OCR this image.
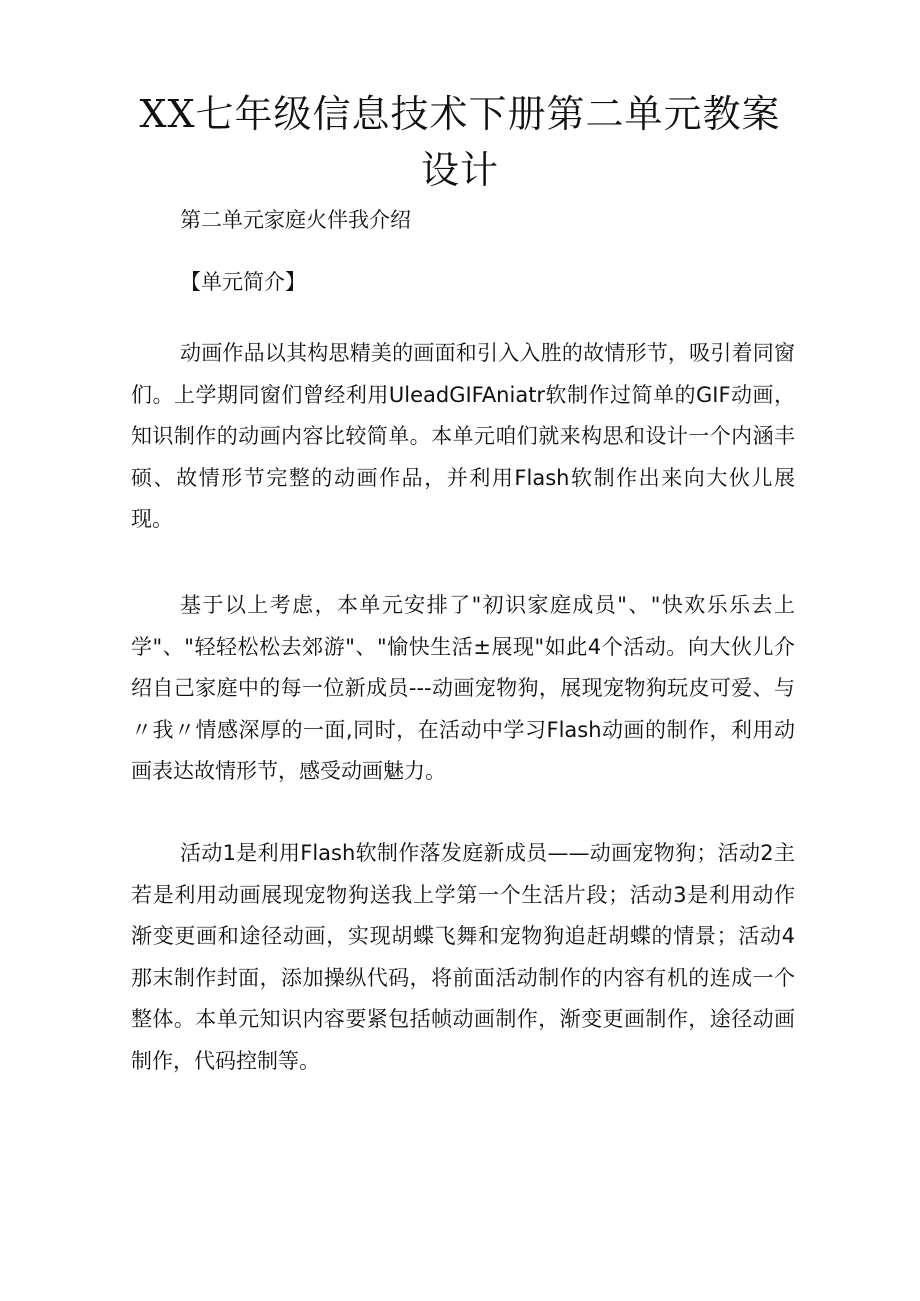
XX七年级信息技术下册第二单元教案设计

第二单元家庭火伴我介绍

【单元简介】

动画作品以其构思精美的画面和引入入胜的故情形节，吸引着同窗们。上学期同窗们曾经利用UleadGIFAniatr软制作过简单的GIF动画，知识制作的动画内容比较简单。本单元咱们就来构思和设计一个内涵丰硕、故情形节完整的动画作品，并利用Flash软制作出来向大伙儿展现。

基于以上考虑，本单元安排了"初识家庭成员"、"快欢乐乐去上学"、"轻轻松松去郊游"、"愉快生活±展现"如此4个活动。向大伙儿介绍自己家庭中的每一位新成员---动画宠物狗，展现宠物狗玩皮可爱、与〃我〃情感深厚的一面,同时，在活动中学习Flash动画的制作，利用动画表达故情形节，感受动画魅力。

活动1是利用Flash软制作落发庭新成员——动画宠物狗；活动2主若是利用动画展现宠物狗送我上学第一个生活片段；活动3是利用动作渐变更画和途径动画，实现胡蝶飞舞和宠物狗追赶胡蝶的情景；活动4那末制作封面，添加操纵代码，将前面活动制作的内容有机的连成一个整体。本单元知识内容要紧包括帧动画制作，渐变更画制作，途径动画制作，代码控制等。
